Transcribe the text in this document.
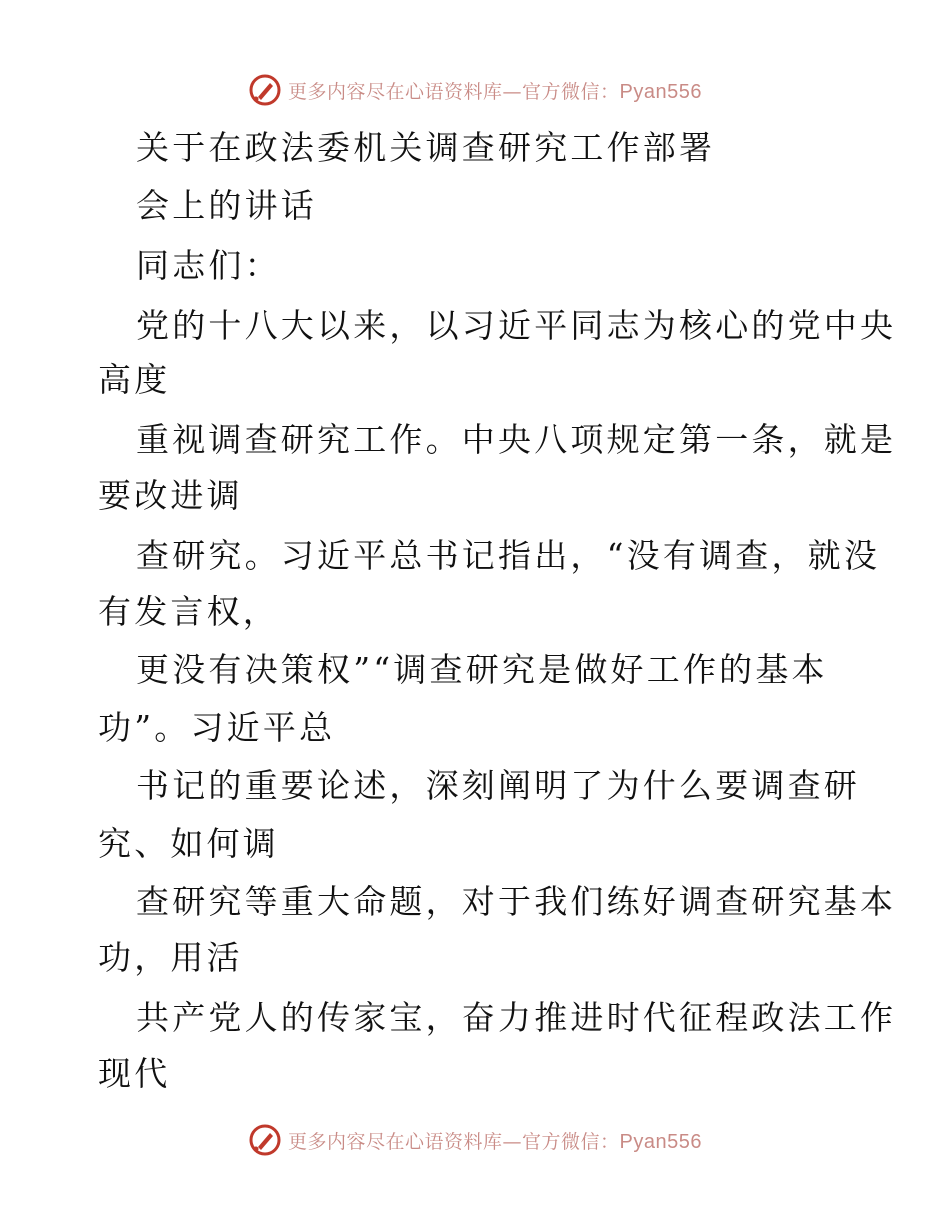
更多内容尽在心语资料库—官方微信：Pyan556
关于在政法委机关调查研究工作部署
会上的讲话
同志们：
党的十八大以来，以习近平同志为核心的党中央
高度
重视调查研究工作。中央八项规定第一条，就是
要改进调
查研究。习近平总书记指出，“没有调查，就没
有发言权，
更没有决策权”“调查研究是做好工作的基本
功”。习近平总
书记的重要论述，深刻阐明了为什么要调查研
究、如何调
查研究等重大命题，对于我们练好调查研究基本
功，用活
共产党人的传家宝，奋力推进时代征程政法工作
现代
更多内容尽在心语资料库—官方微信：Pyan556
